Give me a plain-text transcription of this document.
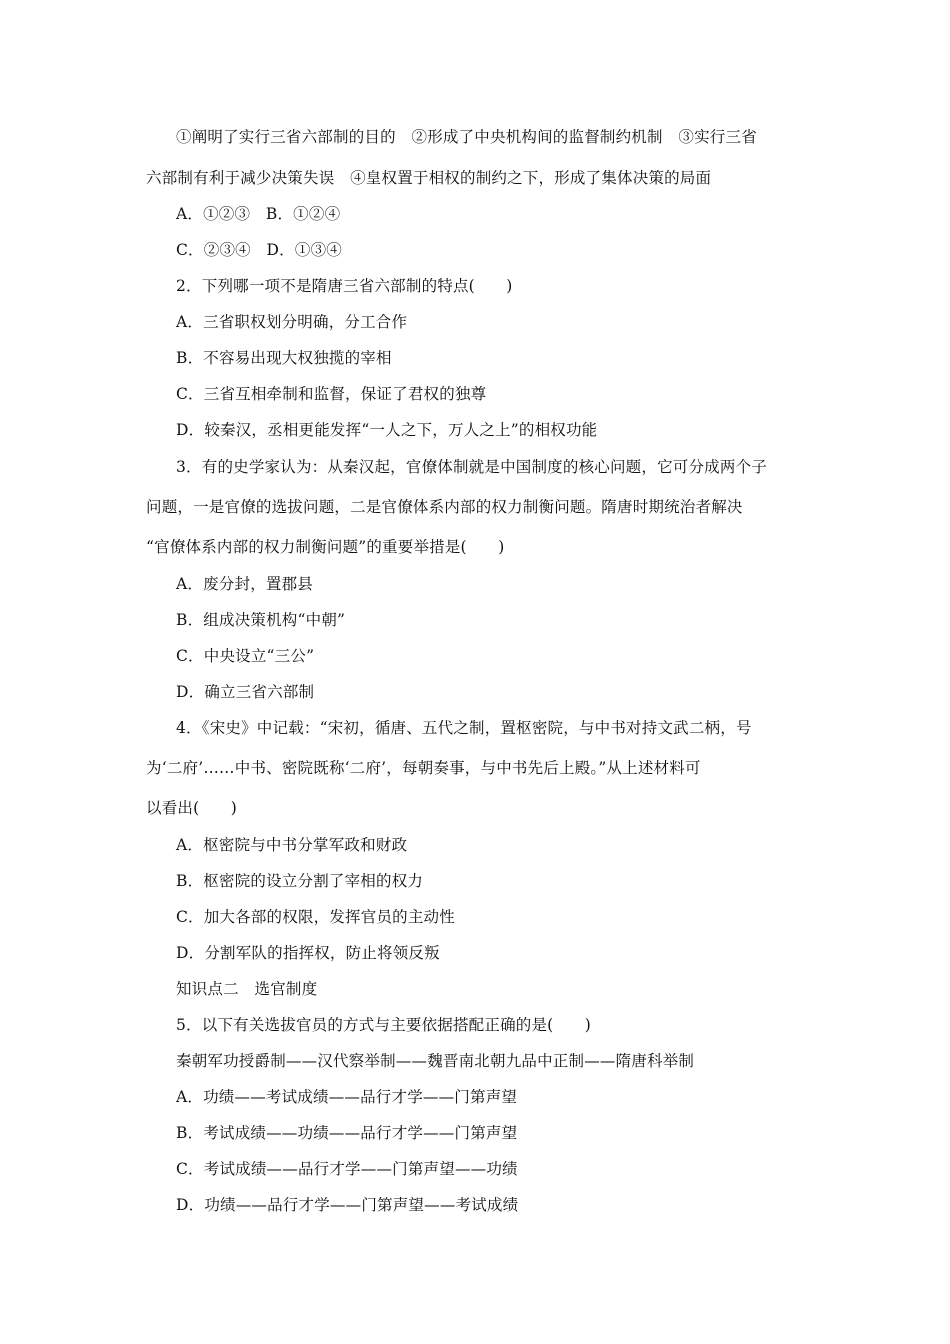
①阐明了实行三省六部制的目的　②形成了中央机构间的监督制约机制　③实行三省
六部制有利于减少决策失误　④皇权置于相权的制约之下，形成了集体决策的局面
A．①②③　B．①②④
C．②③④　D．①③④
2．下列哪一项不是隋唐三省六部制的特点(　　)
A．三省职权划分明确，分工合作
B．不容易出现大权独揽的宰相
C．三省互相牵制和监督，保证了君权的独尊
D．较秦汉，丞相更能发挥“一人之下，万人之上”的相权功能
3．有的史学家认为：从秦汉起，官僚体制就是中国制度的核心问题，它可分成两个子
问题，一是官僚的选拔问题，二是官僚体系内部的权力制衡问题。隋唐时期统治者解决
“官僚体系内部的权力制衡问题”的重要举措是(　　)
A．废分封，置郡县
B．组成决策机构“中朝”
C．中央设立“三公”
D．确立三省六部制
4．《宋史》中记载：“宋初，循唐、五代之制，置枢密院，与中书对持文武二柄，号
为‘二府’……中书、密院既称‘二府’，每朝奏事，与中书先后上殿。”从上述材料可
以看出(　　)
A．枢密院与中书分掌军政和财政
B．枢密院的设立分割了宰相的权力
C．加大各部的权限，发挥官员的主动性
D．分割军队的指挥权，防止将领反叛
知识点二　选官制度
5．以下有关选拔官员的方式与主要依据搭配正确的是(　　)
秦朝军功授爵制——汉代察举制——魏晋南北朝九品中正制——隋唐科举制
A．功绩——考试成绩——品行才学——门第声望
B．考试成绩——功绩——品行才学——门第声望
C．考试成绩——品行才学——门第声望——功绩
D．功绩——品行才学——门第声望——考试成绩
